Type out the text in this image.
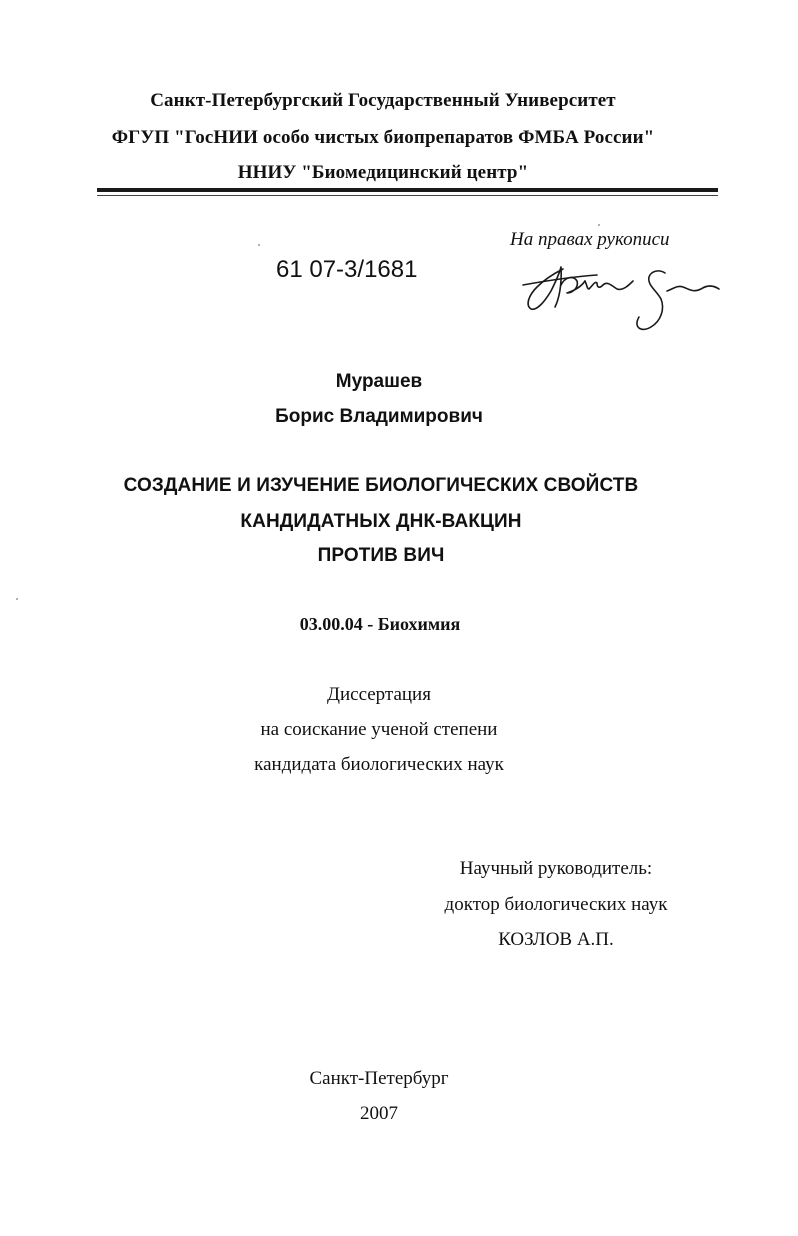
Санкт-Петербургский Государственный Университет
ФГУП "ГосНИИ особо чистых биопрепаратов ФМБА России"
ННИУ "Биомедицинский центр"
На правах рукописи
61 07-3/1681
Мурашев
Борис Владимирович
СОЗДАНИЕ И ИЗУЧЕНИЕ БИОЛОГИЧЕСКИХ СВОЙСТВ
КАНДИДАТНЫХ ДНК-ВАКЦИН
ПРОТИВ ВИЧ
03.00.04 - Биохимия
Диссертация
на соискание ученой степени
кандидата биологических наук
Научный руководитель:
доктор биологических наук
КОЗЛОВ А.П.
Санкт-Петербург
2007
